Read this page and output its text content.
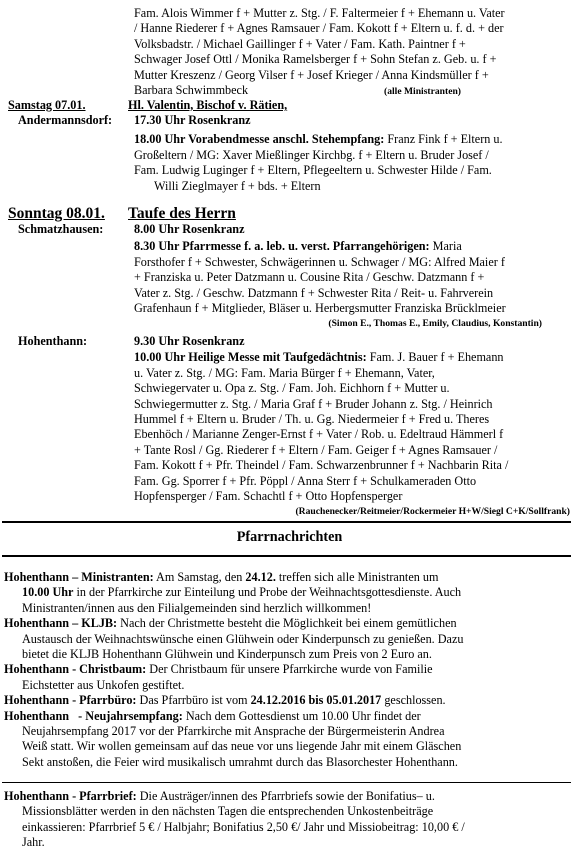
Fam. Alois Wimmer f + Mutter z. Stg. / F. Faltermeier f + Ehemann u. Vater
/ Hanne Riederer f + Agnes Ramsauer / Fam. Kokott f + Eltern u. f. d. + der
Volksbadstr. / Michael Gaillinger f + Vater / Fam. Kath. Paintner f +
Schwager Josef Ottl / Monika Ramelsberger f + Sohn Stefan z. Geb. u. f +
Mutter Kreszenz / Georg Vilser f + Josef Krieger / Anna Kindsmüller f +
Barbara Schwimmbeck	(alle Ministranten)
Samstag 07.01.	Hl. Valentin, Bischof v. Rätien,
Andermannsdorf: 17.30 Uhr Rosenkranz
18.00 Uhr Vorabendmesse anschl. Stehempfang: Franz Fink f + Eltern u.
Großeltern / MG: Xaver Mießlinger Kirchbg. f + Eltern u. Bruder Josef /
Fam. Ludwig Luginger f + Eltern, Pflegeeltern u. Schwester Hilde / Fam.
Willi Zieglmayer f + bds. + Eltern
Sonntag 08.01. Taufe des Herrn
Schmatzhausen:	8.00 Uhr Rosenkranz
8.30 Uhr Pfarrmesse f. a. leb. u. verst. Pfarrangehörigen: Maria
Forsthofer f + Schwester, Schwägerinnen u. Schwager / MG: Alfred Maier f
+ Franziska u. Peter Datzmann u. Cousine Rita / Geschw. Datzmann f +
Vater z. Stg. / Geschw. Datzmann f + Schwester Rita / Reit- u. Fahrverein
Grafenhaun f + Mitglieder, Bläser u. Herbergsmutter Franziska Brücklmeier
(Simon E., Thomas E., Emily, Claudius, Konstantin)
Hohenthann:	9.30 Uhr Rosenkranz
10.00 Uhr Heilige Messe mit Taufgedächtnis: Fam. J. Bauer f + Ehemann
u. Vater z. Stg. / MG: Fam. Maria Bürger f + Ehemann, Vater,
Schwiegervater u. Opa z. Stg. / Fam. Joh. Eichhorn f + Mutter u.
Schwiegermutter z. Stg. / Maria Graf f + Bruder Johann z. Stg. / Heinrich
Hummel f + Eltern u. Bruder / Th. u. Gg. Niedermeier f + Fred u. Theres
Ebenhöch / Marianne Zenger-Ernst f + Vater / Rob. u. Edeltraud Hämmerl f
+ Tante Rosl / Gg. Riederer f + Eltern / Fam. Geiger f + Agnes Ramsauer /
Fam. Kokott f + Pfr. Theindel / Fam. Schwarzenbrunner f + Nachbarin Rita /
Fam. Gg. Sporrer f + Pfr. Pöppl / Anna Sterr f + Schulkameraden Otto
Hopfensperger / Fam. Schachtl f + Otto Hopfensperger
(Rauchenecker/Reitmeier/Rockermeier H+W/Siegl C+K/Sollfrank)
Pfarrnachrichten
Hohenthann – Ministranten: Am Samstag, den 24.12. treffen sich alle Ministranten um
10.00 Uhr in der Pfarrkirche zur Einteilung und Probe der Weihnachtsgottesdienste. Auch
Ministranten/innen aus den Filialgemeinden sind herzlich willkommen!
Hohenthann – KLJB: Nach der Christmette besteht die Möglichkeit bei einem gemütlichen
Austausch der Weihnachtswünsche einen Glühwein oder Kinderpunsch zu genießen. Dazu
bietet die KLJB Hohenthann Glühwein und Kinderpunsch zum Preis von 2 Euro an.
Hohenthann - Christbaum: Der Christbaum für unsere Pfarrkirche wurde von Familie
Eichstetter aus Unkofen gestiftet.
Hohenthann - Pfarrbüro: Das Pfarrbüro ist vom 24.12.2016 bis 05.01.2017 geschlossen.
Hohenthann   - Neujahrsempfang: Nach dem Gottesdienst um 10.00 Uhr findet der
Neujahrsempfang 2017 vor der Pfarrkirche mit Ansprache der Bürgermeisterin Andrea
Weiß statt. Wir wollen gemeinsam auf das neue vor uns liegende Jahr mit einem Gläschen
Sekt anstoßen, die Feier wird musikalisch umrahmt durch das Blasorchester Hohenthann.
Hohenthann - Pfarrbrief: Die Austräger/innen des Pfarrbriefs sowie der Bonifatius– u.
Missionsblätter werden in den nächsten Tagen die entsprechenden Unkostenbeiträge
einkassieren: Pfarrbrief 5 € / Halbjahr; Bonifatius 2,50 €/ Jahr und Missiobeitrag: 10,00 € /
Jahr.
